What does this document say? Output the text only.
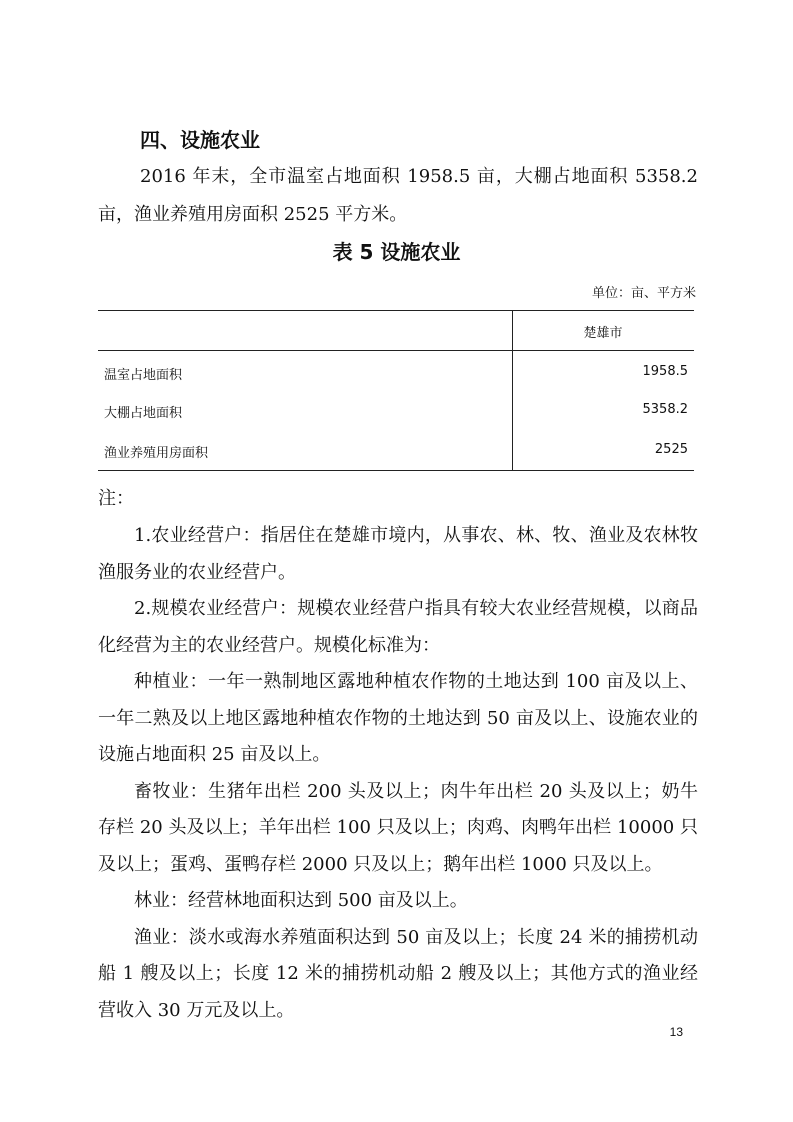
四、设施农业
2016 年末，全市温室占地面积 1958.5 亩，大棚占地面积 5358.2 亩，渔业养殖用房面积 2525 平方米。
表 5 设施农业
单位：亩、平方米
楚雄市
温室占地面积	1958.5
大棚占地面积	5358.2
渔业养殖用房面积	2525
注：

1.农业经营户：指居住在楚雄市境内，从事农、林、牧、渔业及农林牧渔服务业的农业经营户。

2.规模农业经营户：规模农业经营户指具有较大农业经营规模，以商品化经营为主的农业经营户。规模化标准为：

种植业：一年一熟制地区露地种植农作物的土地达到 100 亩及以上、一年二熟及以上地区露地种植农作物的土地达到 50 亩及以上、设施农业的设施占地面积 25 亩及以上。

畜牧业：生猪年出栏 200 头及以上；肉牛年出栏 20 头及以上；奶牛存栏 20 头及以上；羊年出栏 100 只及以上；肉鸡、肉鸭年出栏 10000 只及以上；蛋鸡、蛋鸭存栏 2000 只及以上；鹅年出栏 1000 只及以上。

林业：经营林地面积达到 500 亩及以上。

渔业：淡水或海水养殖面积达到 50 亩及以上；长度 24 米的捕捞机动船 1 艘及以上；长度 12 米的捕捞机动船 2 艘及以上；其他方式的渔业经营收入 30 万元及以上。

13
